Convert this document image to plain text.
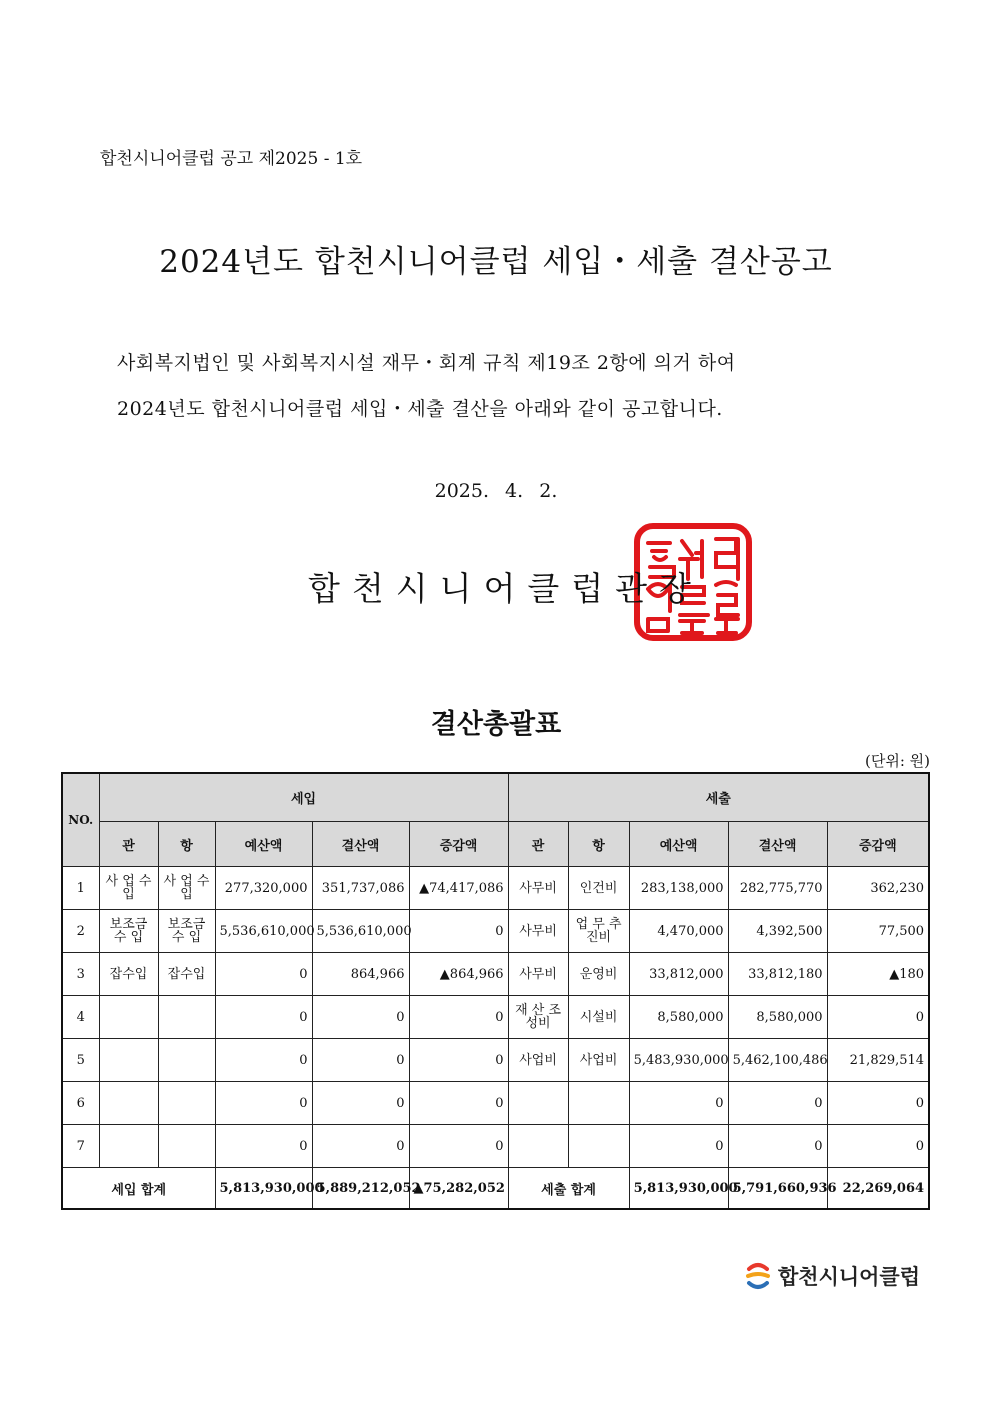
합천시니어클럽 공고 제2025 - 1호
2024년도 합천시니어클럽 세입・세출 결산공고
사회복지법인 및 사회복지시설 재무・회계 규칙 제19조 2항에 의거 하여
2024년도 합천시니어클럽 세입・세출 결산을 아래와 같이 공고합니다.
2025. 4. 2.
합천시니어클럽관장
결산총괄표
(단위: 원)
NO.	세입					세출				
	관	항	예산액	결산액	증감액	관	항	예산액	결산액	증감액
1	사 업 수 입	사 업 수 입	277,320,000	351,737,086	▲74,417,086	사무비	인건비	283,138,000	282,775,770	362,230
2	보조금 수 입	보조금 수 입	5,536,610,000	5,536,610,000	0	사무비	업 무 추진비	4,470,000	4,392,500	77,500
3	잡수입	잡수입	0	864,966	▲864,966	사무비	운영비	33,812,000	33,812,180	▲180
4			0	0	0	재 산 조성비	시설비	8,580,000	8,580,000	0
5			0	0	0	사업비	사업비	5,483,930,000	5,462,100,486	21,829,514
6			0	0	0			0	0	0
7			0	0	0			0	0	0
세입 합계			5,813,930,000	5,889,212,052	▲75,282,052	세출 합계		5,813,930,000	5,791,660,936	22,269,064
합천시니어클럽
